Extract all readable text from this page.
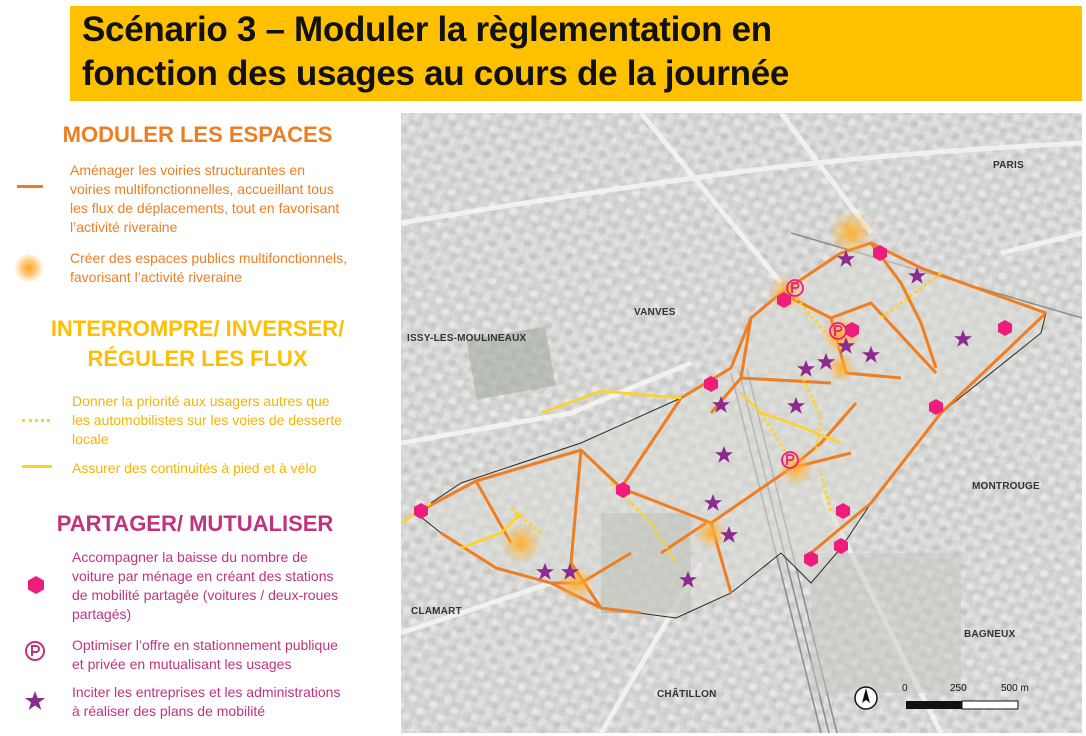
Scénario 3 – Moduler la règlementation en
fonction des usages au cours de la journée
MODULER LES ESPACES
Aménager les voiries structurantes en
voiries multifonctionnelles, accueillant tous
les flux de déplacements, tout en favorisant
l’activité riveraine
Créer des espaces publics multifonctionnels,
favorisant l’activité riveraine
INTERROMPRE/ INVERSER/
RÉGULER LES FLUX
Donner la priorité aux usagers autres que
les automobilistes sur les voies de desserte
locale
Assurer des continuités à pied et à vélo
PARTAGER/ MUTUALISER
Accompagner la baisse du nombre de
voiture par ménage en créant des stations
de mobilité partagée (voitures / deux-roues
partagés)
Optimiser l’offre en stationnement publique
et privée en mutualisant les usages
Inciter les entreprises et les administrations
à réaliser des plans de mobilité
PARIS
VANVES
ISSY-LES-MOULINEAUX
MONTROUGE
CLAMART
BAGNEUX
CHÂTILLON
0	250	500 m
